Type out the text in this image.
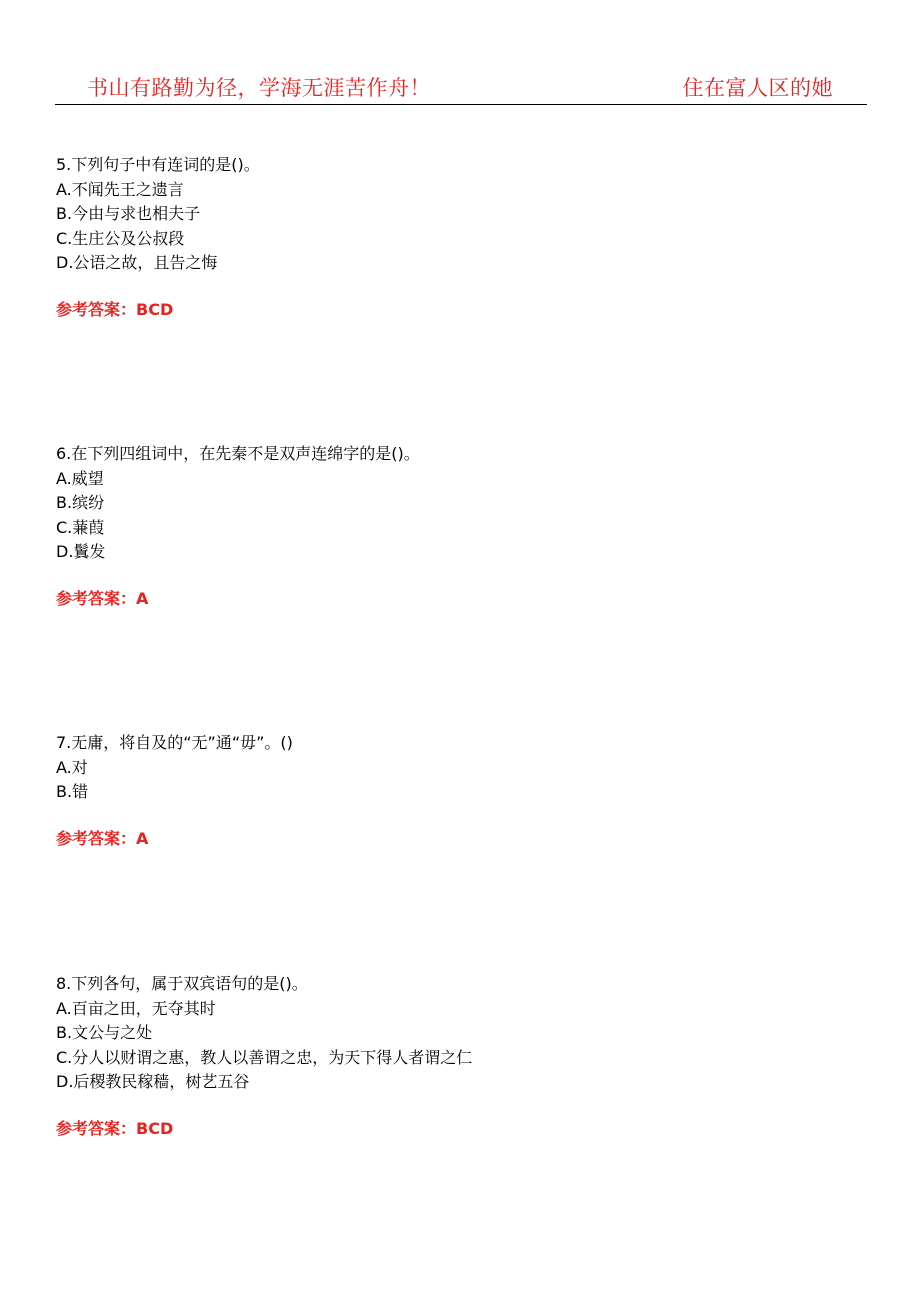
书山有路勤为径，学海无涯苦作舟！	住在富人区的她
5.下列句子中有连词的是()。
A.不闻先王之遗言
B.今由与求也相夫子
C.生庄公及公叔段
D.公语之故，且告之悔
参考答案：BCD
6.在下列四组词中，在先秦不是双声连绵字的是()。
A.威望
B.缤纷
C.蒹葭
D.鬒发
参考答案：A
7.无庸，将自及的“无”通“毋”。()
A.对
B.错
参考答案：A
8.下列各句，属于双宾语句的是()。
A.百亩之田，无夺其时
B.文公与之处
C.分人以财谓之惠，教人以善谓之忠，为天下得人者谓之仁
D.后稷教民稼穑，树艺五谷
参考答案：BCD
